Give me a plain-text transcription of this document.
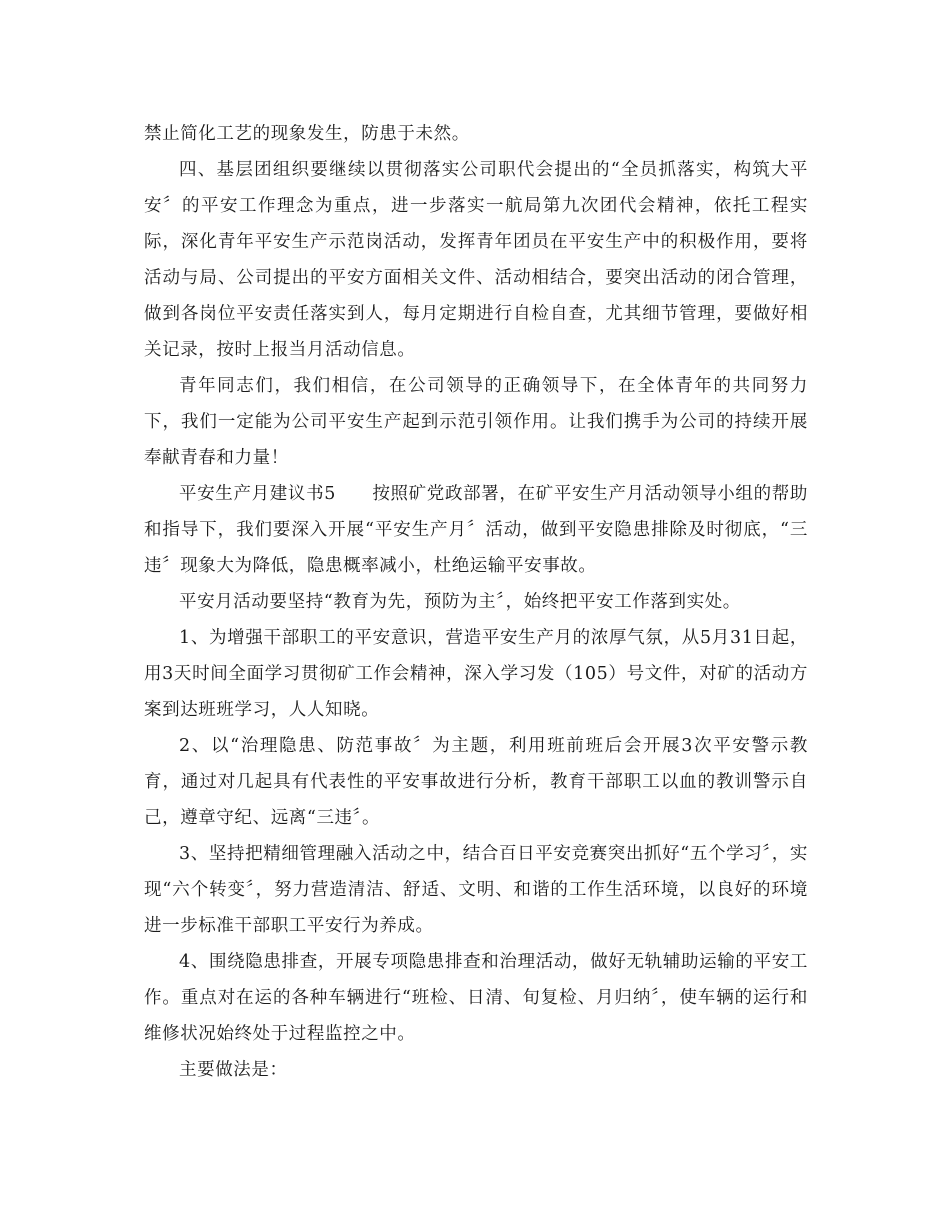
禁止简化工艺的现象发生，防患于未然。

四、基层团组织要继续以贯彻落实公司职代会提出的“全员抓落实，构筑大平安〞的平安工作理念为重点，进一步落实一航局第九次团代会精神，依托工程实际，深化青年平安生产示范岗活动，发挥青年团员在平安生产中的积极作用，要将活动与局、公司提出的平安方面相关文件、活动相结合，要突出活动的闭合管理，做到各岗位平安责任落实到人，每月定期进行自检自查，尤其细节管理，要做好相关记录，按时上报当月活动信息。

青年同志们，我们相信，在公司领导的正确领导下，在全体青年的共同努力下，我们一定能为公司平安生产起到示范引领作用。让我们携手为公司的持续开展奉献青春和力量！

平安生产月建议书5　　按照矿党政部署，在矿平安生产月活动领导小组的帮助和指导下，我们要深入开展“平安生产月〞活动，做到平安隐患排除及时彻底，“三违〞现象大为降低，隐患概率减小，杜绝运输平安事故。

平安月活动要坚持“教育为先，预防为主〞，始终把平安工作落到实处。

1、为增强干部职工的平安意识，营造平安生产月的浓厚气氛，从5月31日起，用3天时间全面学习贯彻矿工作会精神，深入学习发（105）号文件，对矿的活动方案到达班班学习，人人知晓。

2、以“治理隐患、防范事故〞为主题，利用班前班后会开展3次平安警示教育，通过对几起具有代表性的平安事故进行分析，教育干部职工以血的教训警示自己，遵章守纪、远离“三违〞。

3、坚持把精细管理融入活动之中，结合百日平安竞赛突出抓好“五个学习〞，实现“六个转变〞，努力营造清洁、舒适、文明、和谐的工作生活环境，以良好的环境进一步标准干部职工平安行为养成。

4、围绕隐患排查，开展专项隐患排查和治理活动，做好无轨辅助运输的平安工作。重点对在运的各种车辆进行“班检、日清、旬复检、月归纳〞，使车辆的运行和维修状况始终处于过程监控之中。

主要做法是：
